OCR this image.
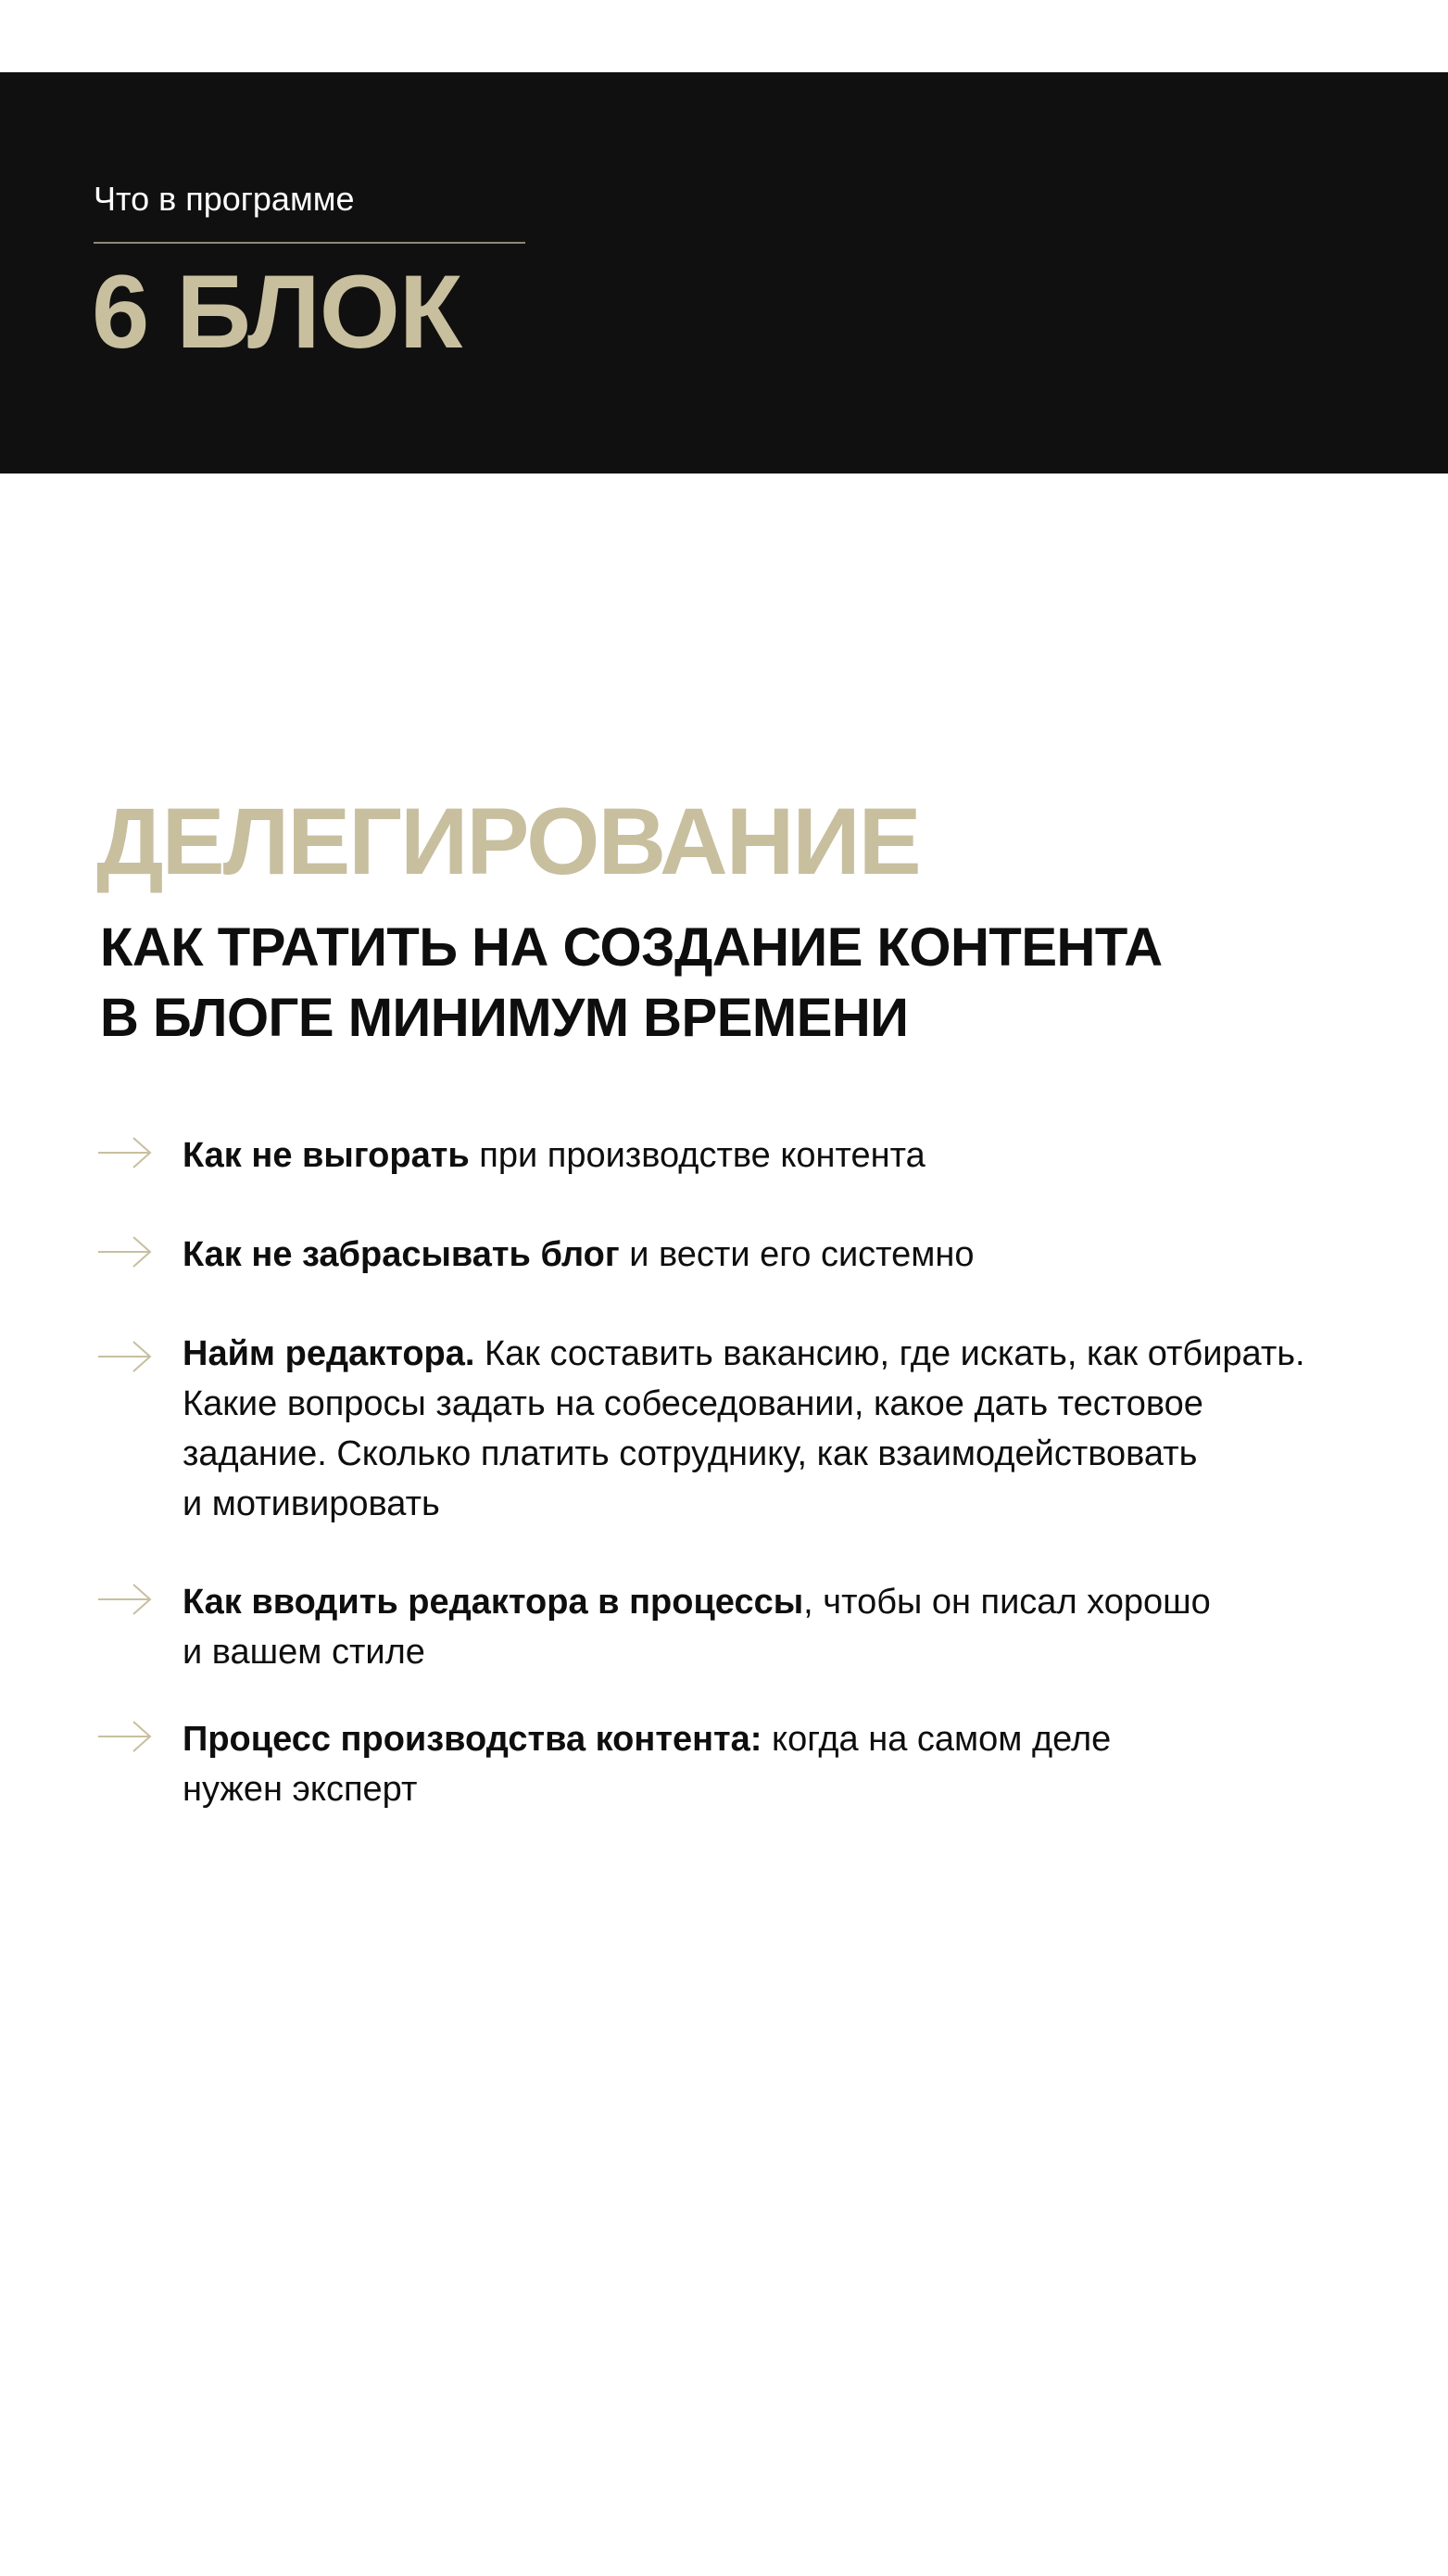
Что в программе
6 БЛОК
ДЕЛЕГИРОВАНИЕ
КАК ТРАТИТЬ НА СОЗДАНИЕ КОНТЕНТА
В БЛОГЕ МИНИМУМ ВРЕМЕНИ
Как не выгорать при производстве контента
Как не забрасывать блог и вести его системно
Найм редактора. Как составить вакансию, где искать, как отбирать.
Какие вопросы задать на собеседовании, какое дать тестовое
задание. Сколько платить сотруднику, как взаимодействовать
и мотивировать
Как вводить редактора в процессы, чтобы он писал хорошо
и вашем стиле
Процесс производства контента: когда на самом деле
нужен эксперт
